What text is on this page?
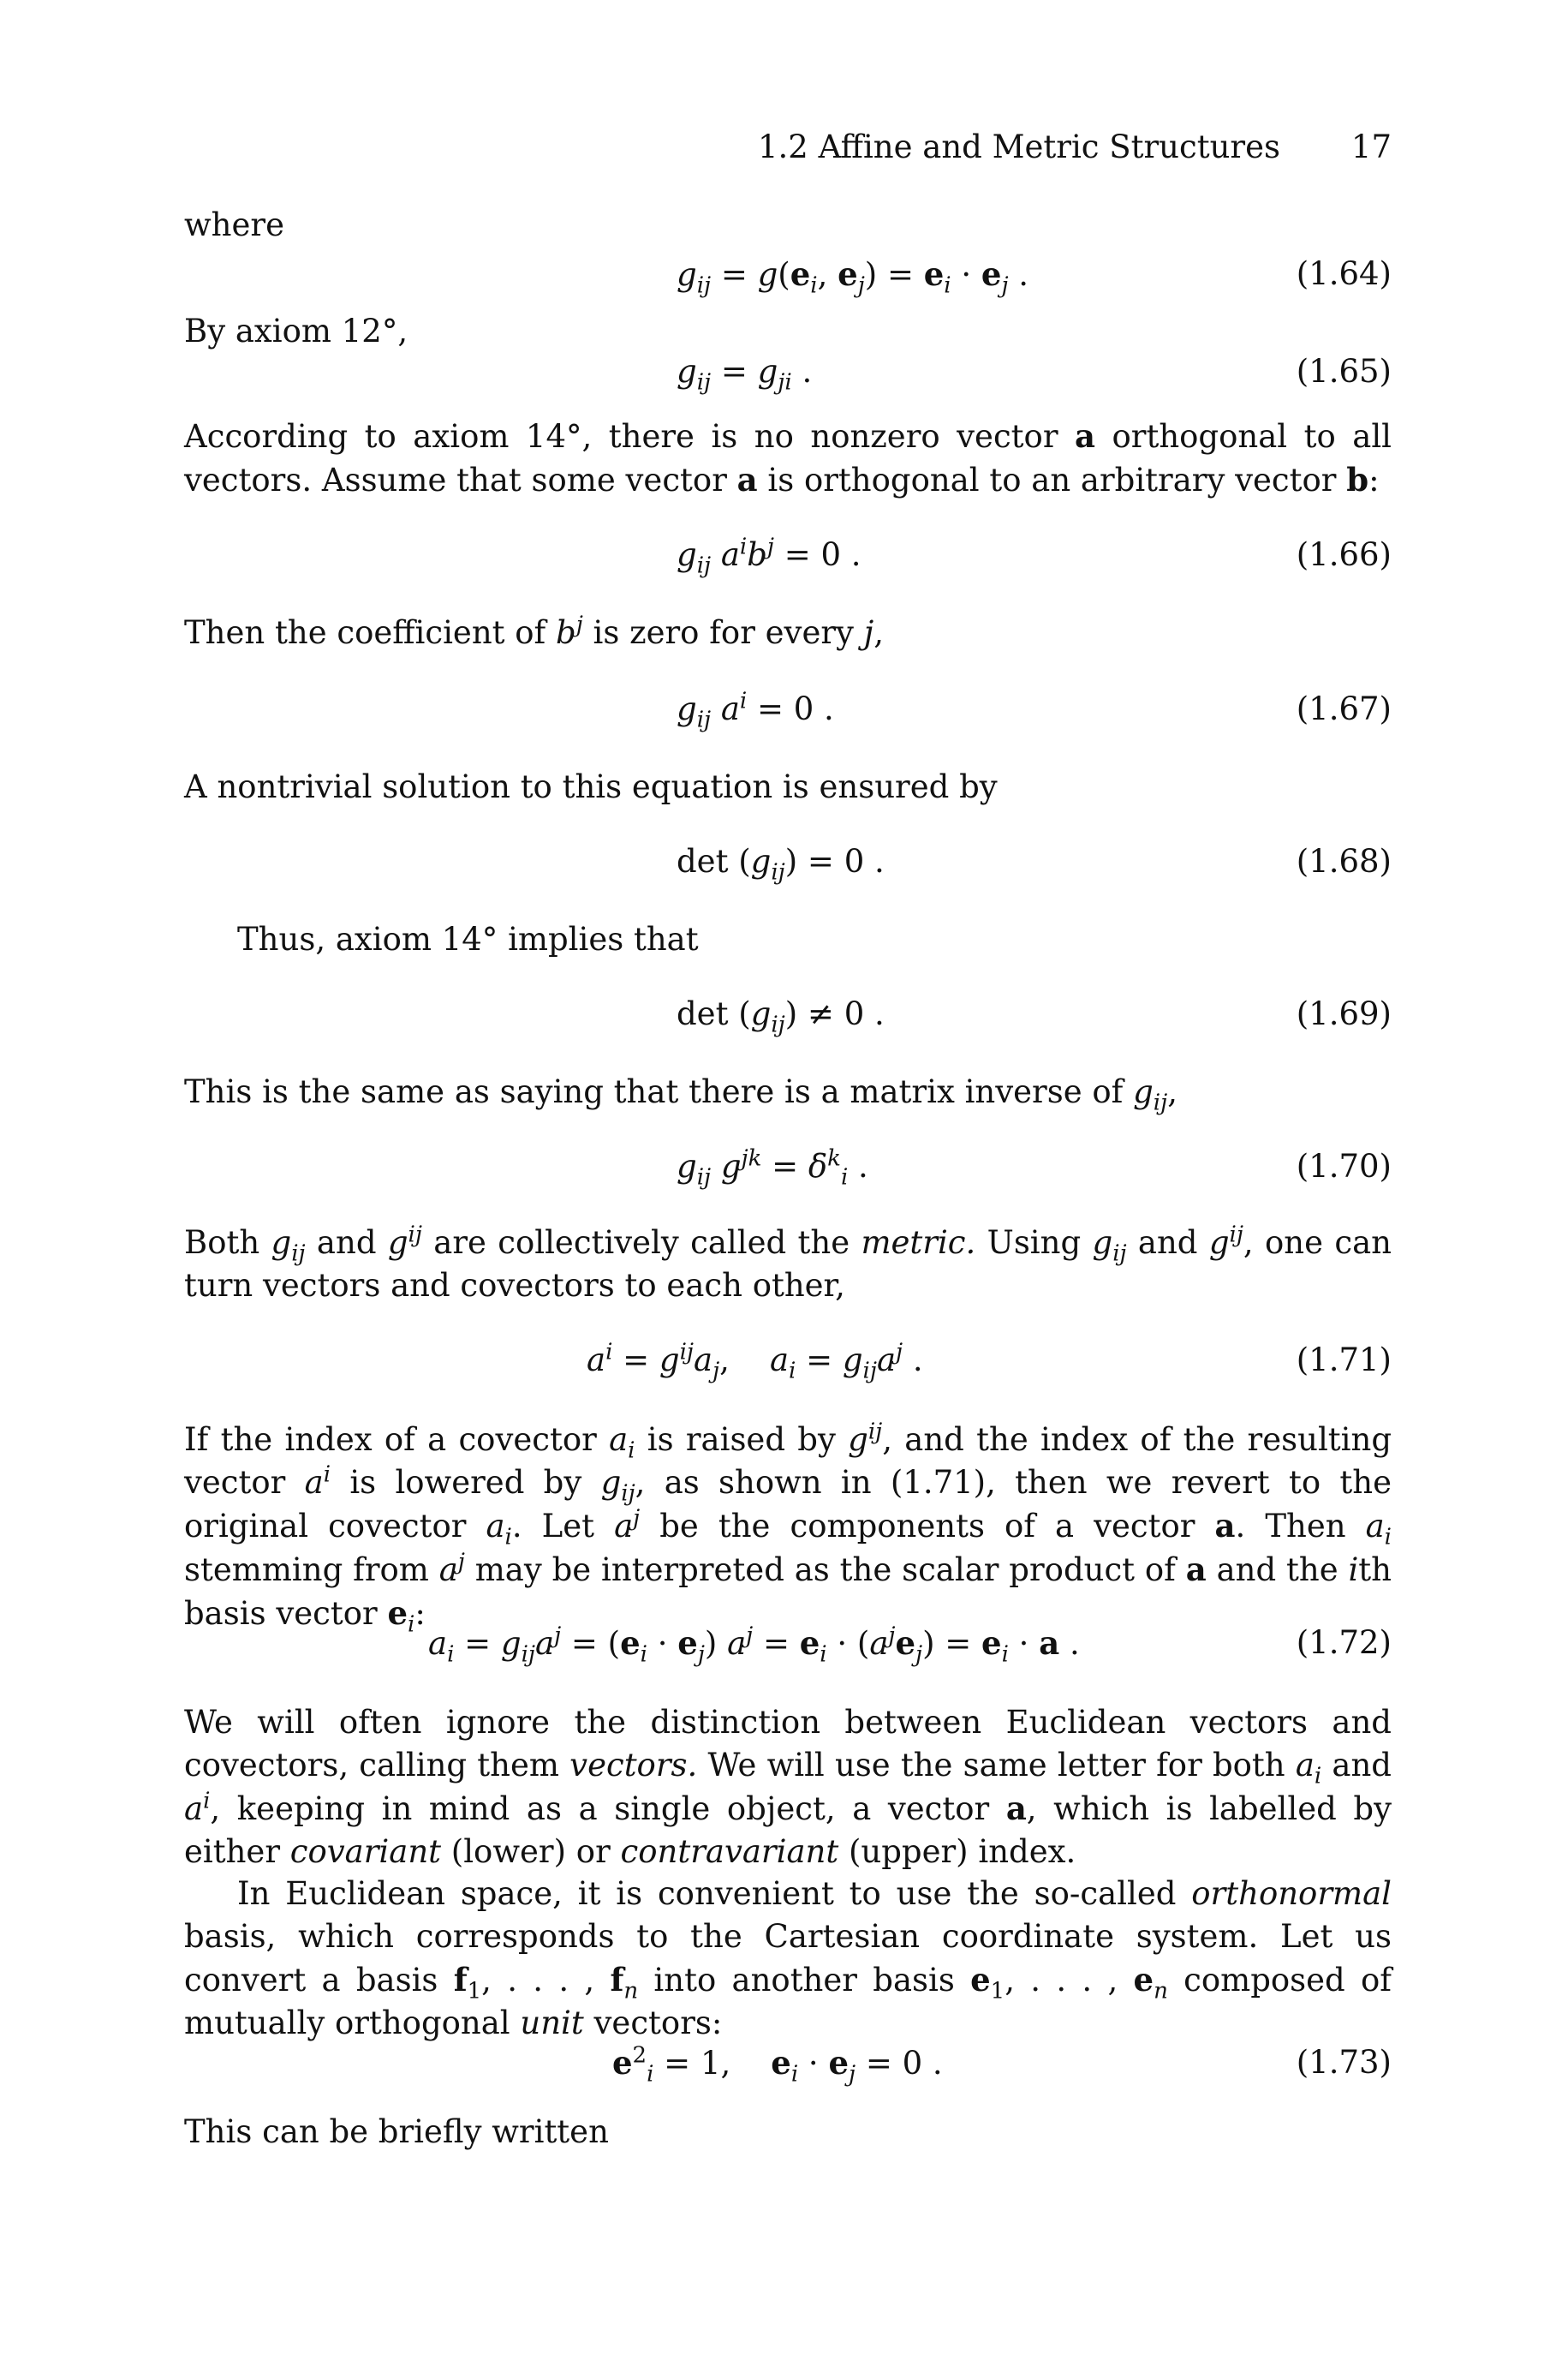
1.2 Affine and Metric Structures 17
where
$g_{ij} = g(e_i$, $e_j) = e_i \cdot e_j$ .	(1.64)
By axiom 12°,
$g_{ij} = g_{ji}$ .	(1.65)
According to axiom 14°, there is no nonzero vector a orthogonal to all vectors. Assume that some vector a is orthogonal to an arbitrary vector b:
$g_{ij}$ $a^ib^j = 0$ .	(1.66)
Then the coefficient of $b^j$ is zero for every j,
$g_{ij}$ $a^i = 0$ .	(1.67)
A nontrivial solution to this equation is ensured by
$\det (g_{ij}) = 0$ .	(1.68)
Thus, axiom 14° implies that
$\det (g_{ij}) \ne 0$ .	(1.69)
This is the same as saying that there is a matrix inverse of $g_{ij}$,
$g_{ij}$ $g^{jk} = \delta^k_i$ .	(1.70)
Both $g_{ij}$ and $g^{ij}$ are collectively called the metric. Using $g_{ij}$ and $g^{ij}$, one can turn vectors and covectors to each other,
$a^i = g^{ij}a_j$,    $a_i = g_{ij}a^j$ .	(1.71)
If the index of a covector $a_i$ is raised by $g^{ij}$, and the index of the resulting vector $a^i$ is lowered by $g_{ij}$, as shown in (1.71), then we revert to the original covector $a_i$. Let $a^j$ be the components of a vector a. Then $a_i$ stemming from $a^j$ may be interpreted as the scalar product of a and the ith basis vector $e_i$:
$a_i = g_{ij}a^j = (e_i \cdot e_j) a^j = e_i \cdot (a^je_j) = e_i \cdot a$ .	(1.72)
We will often ignore the distinction between Euclidean vectors and covectors, calling them vectors. We will use the same letter for both $a_i$ and $a^i$, keeping in mind as a single object, a vector a, which is labelled by either covariant (lower) or contravariant (upper) index.
In Euclidean space, it is convenient to use the so-called orthonormal basis, which corresponds to the Cartesian coordinate system. Let us convert a basis $f_1$, . . . , $f_n$ into another basis $e_1$, . . . , $e_n$ composed of mutually orthogonal unit vectors:
$e^2_i = 1$,    $e_i \cdot e_j = 0$ .	(1.73)
This can be briefly written
